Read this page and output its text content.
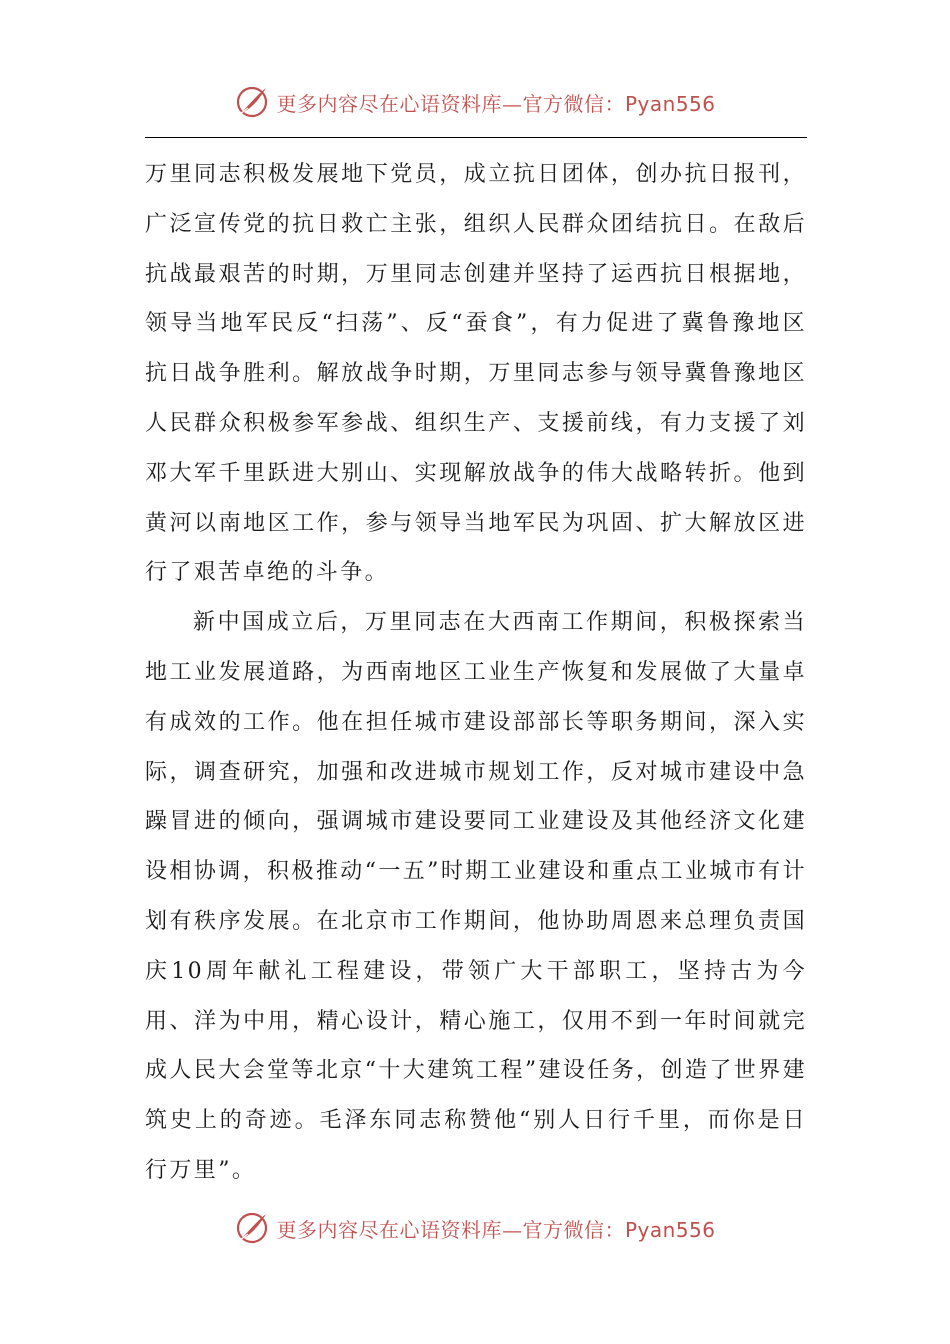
更多内容尽在心语资料库—官方微信：Pyan556

万里同志积极发展地下党员，成立抗日团体，创办抗日报刊，广泛宣传党的抗日救亡主张，组织人民群众团结抗日。在敌后抗战最艰苦的时期，万里同志创建并坚持了运西抗日根据地，领导当地军民反“扫荡”、反“蚕食”，有力促进了冀鲁豫地区抗日战争胜利。解放战争时期，万里同志参与领导冀鲁豫地区人民群众积极参军参战、组织生产、支援前线，有力支援了刘邓大军千里跃进大别山、实现解放战争的伟大战略转折。他到黄河以南地区工作，参与领导当地军民为巩固、扩大解放区进行了艰苦卓绝的斗争。

新中国成立后，万里同志在大西南工作期间，积极探索当地工业发展道路，为西南地区工业生产恢复和发展做了大量卓有成效的工作。他在担任城市建设部部长等职务期间，深入实际，调查研究，加强和改进城市规划工作，反对城市建设中急躁冒进的倾向，强调城市建设要同工业建设及其他经济文化建设相协调，积极推动“一五”时期工业建设和重点工业城市有计划有秩序发展。在北京市工作期间，他协助周恩来总理负责国庆10周年献礼工程建设，带领广大干部职工，坚持古为今用、洋为中用，精心设计，精心施工，仅用不到一年时间就完成人民大会堂等北京“十大建筑工程”建设任务，创造了世界建筑史上的奇迹。毛泽东同志称赞他“别人日行千里，而你是日行万里”。

更多内容尽在心语资料库—官方微信：Pyan556
